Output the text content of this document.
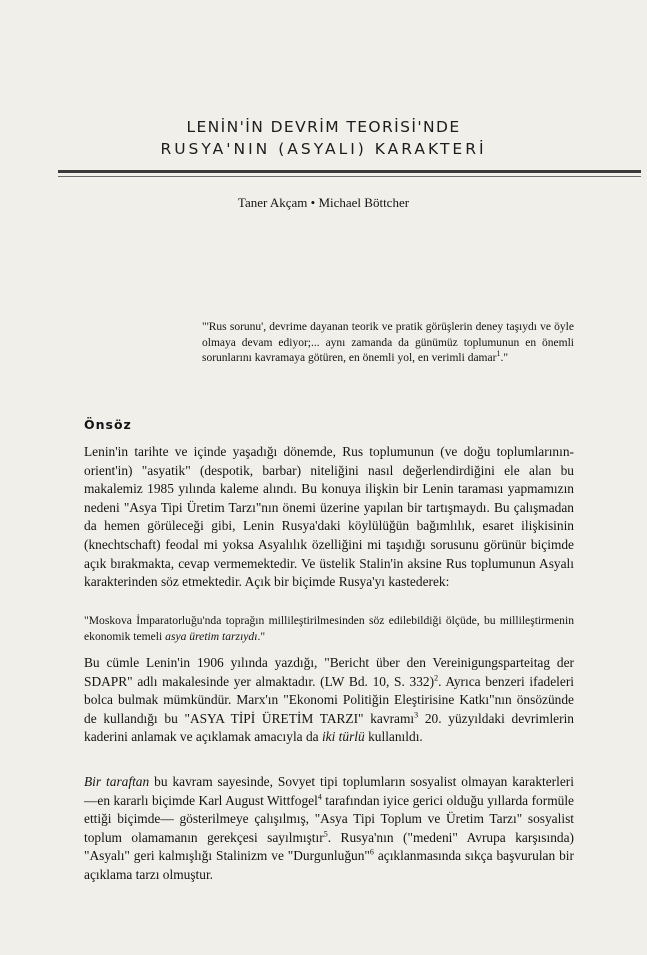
LENİN'İN DEVRİM TEORİSİ'NDE
RUSYA'NIN (ASYALI) KARAKTERİ
Taner Akçam • Michael Böttcher
"'Rus sorunu', devrime dayanan teorik ve pratik görüşlerin deney taşıydı ve öyle olmaya devam ediyor;... aynı zamanda da günümüz toplumunun en önemli sorunlarını kavramaya götüren, en önemli yol, en verimli damar$^1$."
Önsöz
Lenin'in tarihte ve içinde yaşadığı dönemde, Rus toplumunun (ve doğu toplumlarının-orient'in) "asyatik" (despotik, barbar) niteliğini nasıl değerlendirdiğini ele alan bu makalemiz 1985 yılında kaleme alındı. Bu konuya ilişkin bir Lenin taraması yapmamızın nedeni "Asya Tipi Üretim Tarzı"nın önemi üzerine yapılan bir tartışmaydı. Bu çalışmadan da hemen görüleceği gibi, Lenin Rusya'daki köylülüğün bağımlılık, esaret ilişkisinin (knechtschaft) feodal mi yoksa Asyalılık özelliğini mi taşıdığı sorusunu görünür biçimde açık bırakmakta, cevap vermemektedir. Ve üstelik Stalin'in aksine Rus toplumunun Asyalı karakterinden söz etmektedir. Açık bir biçimde Rusya'yı kastederek:
"Moskova İmparatorluğu'nda toprağın millileştirilmesinden söz edilebildiği ölçüde, bu millileştirmenin ekonomik temeli asya üretim tarzıydı."
Bu cümle Lenin'in 1906 yılında yazdığı, "Bericht über den Vereinigungsparteitag der SDAPR" adlı makalesinde yer almaktadır. (LW Bd. 10, S. 332)$^2$. Ayrıca benzeri ifadeleri bolca bulmak mümkündür. Marx'ın "Ekonomi Politiğin Eleştirisine Katkı"nın önsözünde de kullandığı bu "ASYA TİPİ ÜRETİM TARZI" kavramı$^3$ 20. yüzyıldaki devrimlerin kaderini anlamak ve açıklamak amacıyla da iki türlü kullanıldı.
Bir taraftan bu kavram sayesinde, Sovyet tipi toplumların sosyalist olmayan karakterleri —en kararlı biçimde Karl August Wittfogel$^4$ tarafından iyice gerici olduğu yıllarda formüle ettiği biçimde— gösterilmeye çalışılmış, "Asya Tipi Toplum ve Üretim Tarzı" sosyalist toplum olamamanın gerekçesi sayılmıştır$^5$. Rusya'nın ("medeni" Avrupa karşısında) "Asyalı" geri kalmışlığı Stalinizm ve "Durgunluğun"$^6$ açıklanmasında sıkça başvurulan bir açıklama tarzı olmuştur.
